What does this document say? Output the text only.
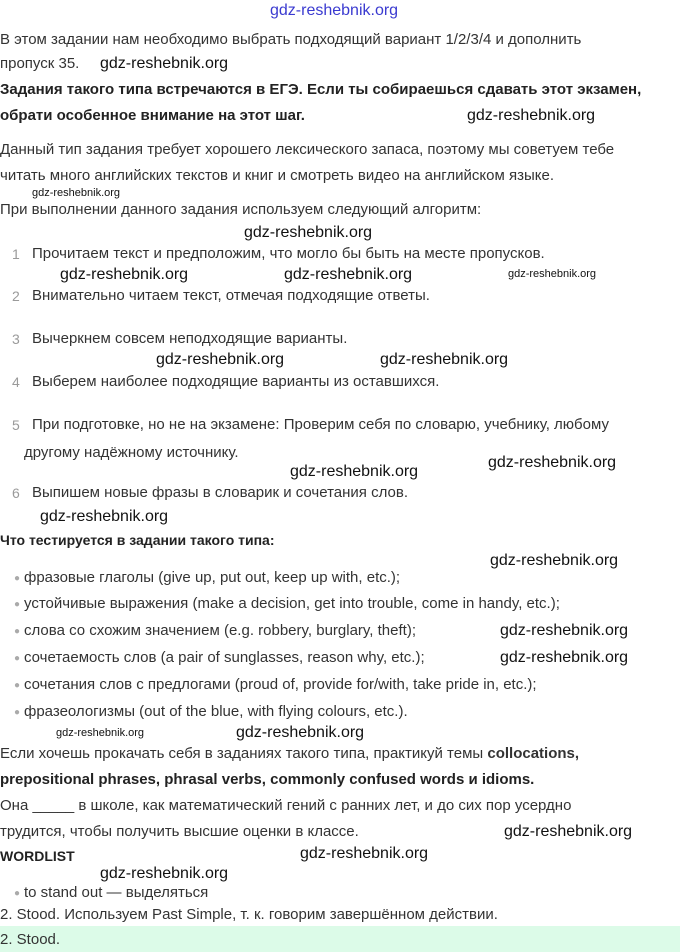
В этом задании нам необходимо выбрать подходящий вариант 1/2/3/4 и дополнить
пропуск 35.
Задания такого типа встречаются в ЕГЭ. Если ты собираешься сдавать этот экзамен,
обрати особенное внимание на этот шаг.
Данный тип задания требует хорошего лексического запаса, поэтому мы советуем тебе
читать много английских текстов и книг и смотреть видео на английском языке.
При выполнении данного задания используем следующий алгоритм:
1 Прочитаем текст и предположим, что могло бы быть на месте пропусков.
2 Внимательно читаем текст, отмечая подходящие ответы.
3 Вычеркнем совсем неподходящие варианты.
4 Выберем наиболее подходящие варианты из оставшихся.
5 При подготовке, но не на экзамене: Проверим себя по словарю, учебнику, любому
другому надёжному источнику.
6 Выпишем новые фразы в словарик и сочетания слов.
Что тестируется в задании такого типа:
● фразовые глаголы (give up, put out, keep up with, etc.);
● устойчивые выражения (make a decision, get into trouble, come in handy, etc.);
● слова со схожим значением (e.g. robbery, burglary, theft);
● сочетаемость слов (a pair of sunglasses, reason why, etc.);
● сочетания слов с предлогами (proud of, provide for/with, take pride in, etc.);
● фразеологизмы (out of the blue, with flying colours, etc.).
Если хочешь прокачать себя в заданиях такого типа, практикуй темы collocations,
prepositional phrases, phrasal verbs, commonly confused words и idioms.
Она _____ в школе, как математический гений с ранних лет, и до сих пор усердно
трудится, чтобы получить высшие оценки в классе.
WORDLIST
● to stand out — выделяться
2. Stood. Используем Past Simple, т. к. говорим завершённом действии.
2. Stood.
gdz-reshebnik.org
gdz-reshebnik.org
gdz-reshebnik.org
gdz-reshebnik.org
gdz-reshebnik.org
gdz-reshebnik.org	gdz-reshebnik.org	gdz-reshebnik.org
gdz-reshebnik.org	gdz-reshebnik.org
gdz-reshebnik.org
gdz-reshebnik.org
gdz-reshebnik.org
gdz-reshebnik.org
gdz-reshebnik.org
gdz-reshebnik.org
gdz-reshebnik.org	gdz-reshebnik.org
gdz-reshebnik.org
gdz-reshebnik.org
gdz-reshebnik.org
